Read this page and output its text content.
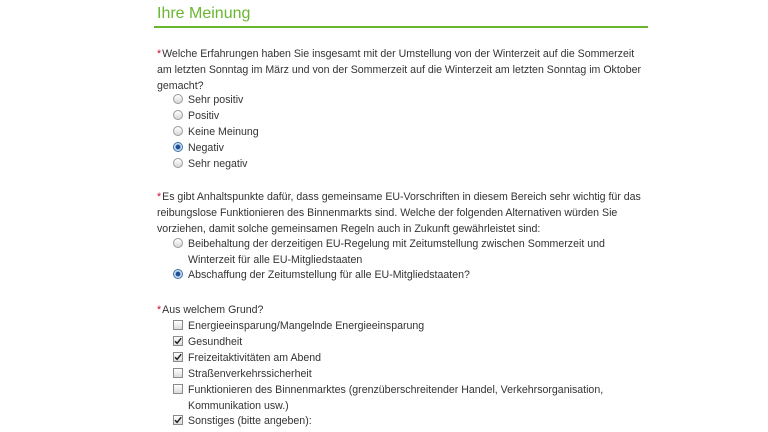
Ihre Meinung
*Welche Erfahrungen haben Sie insgesamt mit der Umstellung von der Winterzeit auf die Sommerzeit am letzten Sonntag im März und von der Sommerzeit auf die Winterzeit am letzten Sonntag im Oktober gemacht?
Sehr positiv
Positiv
Keine Meinung
Negativ
Sehr negativ
*Es gibt Anhaltspunkte dafür, dass gemeinsame EU-Vorschriften in diesem Bereich sehr wichtig für das reibungslose Funktionieren des Binnenmarkts sind. Welche der folgenden Alternativen würden Sie vorziehen, damit solche gemeinsamen Regeln auch in Zukunft gewährleistet sind:
Beibehaltung der derzeitigen EU-Regelung mit Zeitumstellung zwischen Sommerzeit und Winterzeit für alle EU-Mitgliedstaaten
Abschaffung der Zeitumstellung für alle EU-Mitgliedstaaten?
*Aus welchem Grund?
Energieeinsparung/Mangelnde Energieeinsparung
Gesundheit
Freizeitaktivitäten am Abend
Straßenverkehrssicherheit
Funktionieren des Binnenmarktes (grenzüberschreitender Handel, Verkehrsorganisation, Kommunikation usw.)
Sonstiges (bitte angeben):
